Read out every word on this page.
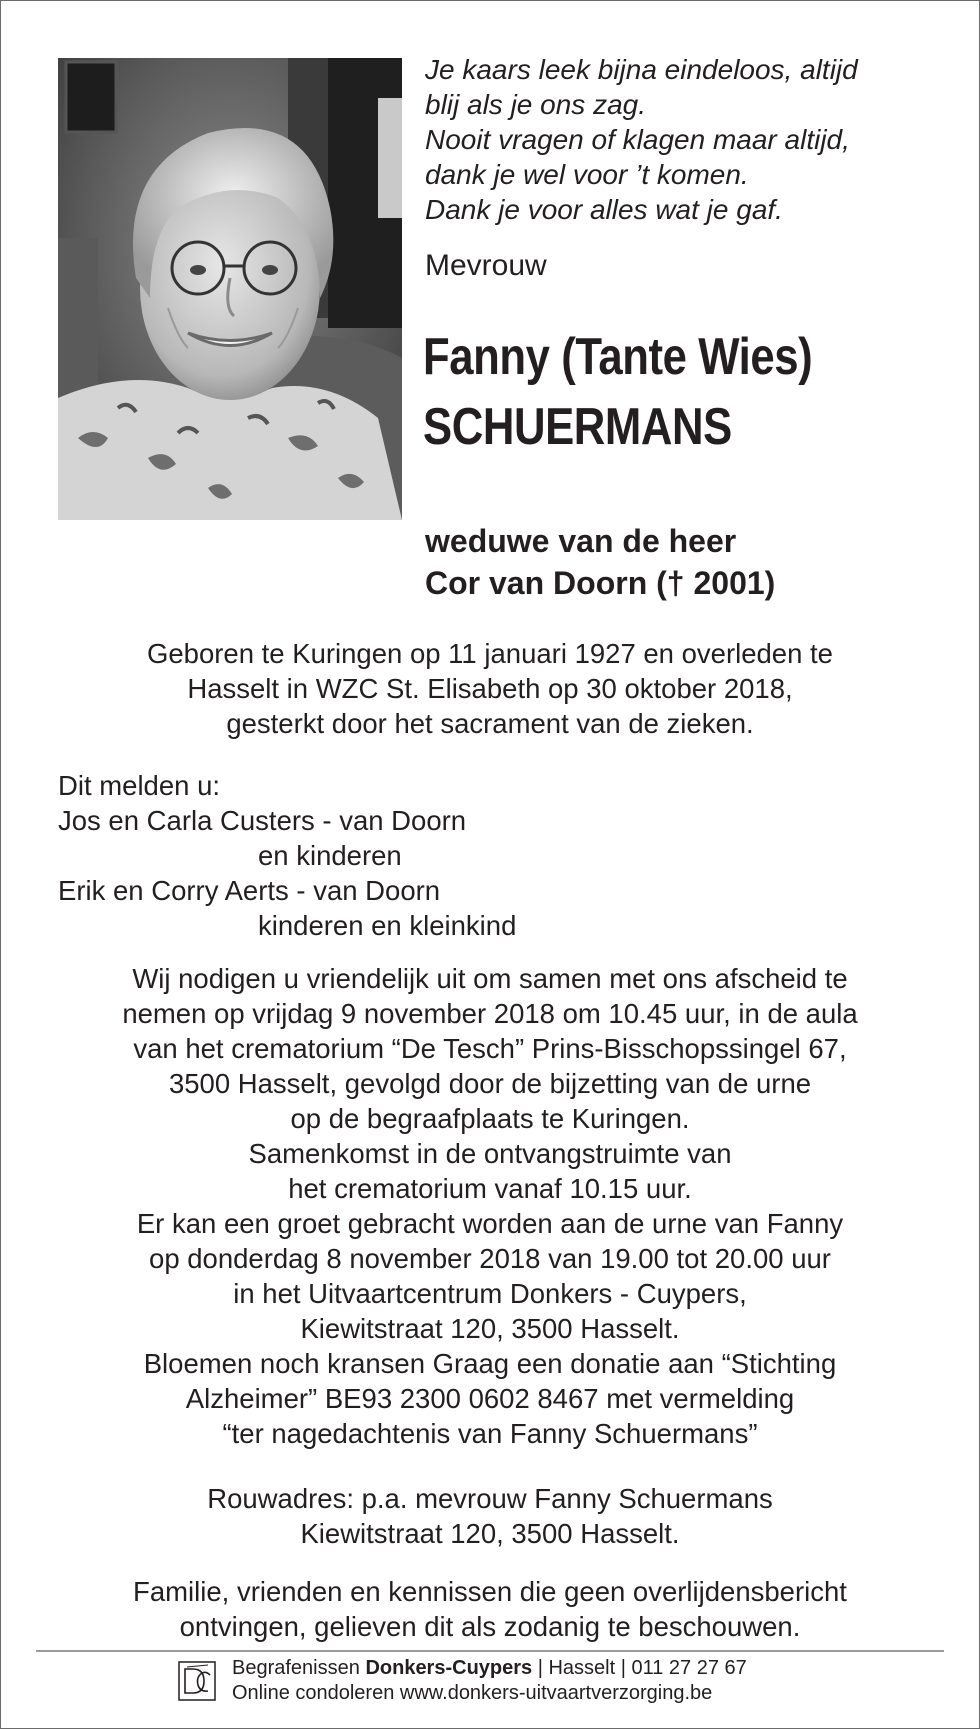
Je kaars leek bijna eindeloos, altijd
blij als je ons zag.
Nooit vragen of klagen maar altijd,
dank je wel voor ’t komen.
Dank je voor alles wat je gaf.
Mevrouw
Fanny (Tante Wies)
SCHUERMANS
weduwe van de heer
Cor van Doorn († 2001)
Geboren te Kuringen op 11 januari 1927 en overleden te
Hasselt in WZC St. Elisabeth op 30 oktober 2018,
gesterkt door het sacrament van de zieken.
Dit melden u:
Jos en Carla Custers - van Doorn
en kinderen
Erik en Corry Aerts - van Doorn
kinderen en kleinkind
Wij nodigen u vriendelijk uit om samen met ons afscheid te
nemen op vrijdag 9 november 2018 om 10.45 uur, in de aula
van het crematorium “De Tesch” Prins-Bisschopssingel 67,
3500 Hasselt, gevolgd door de bijzetting van de urne
op de begraafplaats te Kuringen.
Samenkomst in de ontvangstruimte van
het crematorium vanaf 10.15 uur.
Er kan een groet gebracht worden aan de urne van Fanny
op donderdag 8 november 2018 van 19.00 tot 20.00 uur
in het Uitvaartcentrum Donkers - Cuypers,
Kiewitstraat 120, 3500 Hasselt.
Bloemen noch kransen Graag een donatie aan “Stichting
Alzheimer” BE93 2300 0602 8467 met vermelding
“ter nagedachtenis van Fanny Schuermans”
Rouwadres: p.a. mevrouw Fanny Schuermans
Kiewitstraat 120, 3500 Hasselt.
Familie, vrienden en kennissen die geen overlijdensbericht
ontvingen, gelieven dit als zodanig te beschouwen.
Begrafenissen Donkers-Cuypers | Hasselt | 011 27 27 67
Online condoleren www.donkers-uitvaartverzorging.be
